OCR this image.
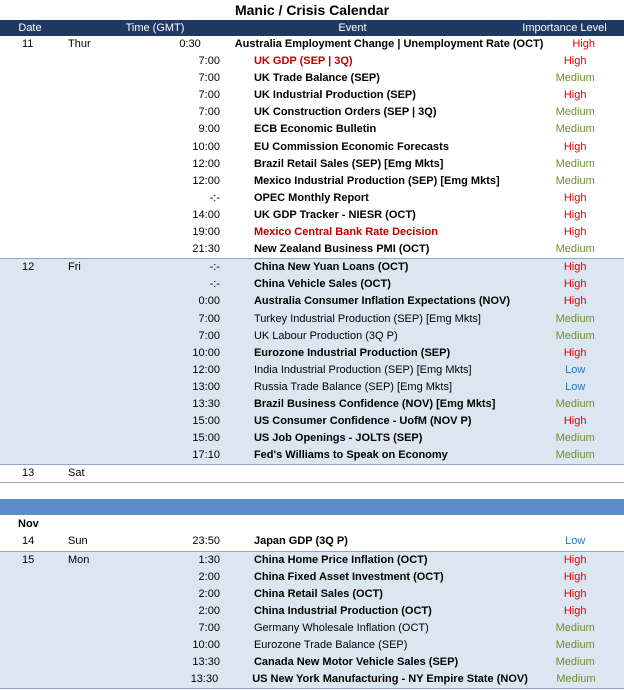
Manic / Crisis Calendar
Date	Time (GMT)	Event	Importance Level
11	Thur	0:30	Australia Employment Change | Unemployment Rate (OCT)	High
7:00	UK GDP (SEP | 3Q)	High
7:00	UK Trade Balance (SEP)	Medium
7:00	UK Industrial Production (SEP)	High
7:00	UK Construction Orders (SEP | 3Q)	Medium
9:00	ECB Economic Bulletin	Medium
10:00	EU Commission Economic Forecasts	High
12:00	Brazil Retail Sales (SEP) [Emg Mkts]	Medium
12:00	Mexico Industrial Production (SEP) [Emg Mkts]	Medium
-:-	OPEC Monthly Report	High
14:00	UK GDP Tracker - NIESR (OCT)	High
19:00	Mexico Central Bank Rate Decision	High
21:30	New Zealand Business PMI (OCT)	Medium
12	Fri	-:-	China New Yuan Loans (OCT)	High
-:-	China Vehicle Sales (OCT)	High
0:00	Australia Consumer Inflation Expectations (NOV)	High
7:00	Turkey Industrial Production (SEP) [Emg Mkts]	Medium
7:00	UK Labour Production (3Q P)	Medium
10:00	Eurozone Industrial Production (SEP)	High
12:00	India Industrial Production (SEP) [Emg Mkts]	Low
13:00	Russia Trade Balance (SEP) [Emg Mkts]	Low
13:30	Brazil Business Confidence (NOV) [Emg Mkts]	Medium
15:00	US Consumer Confidence - UofM (NOV P)	High
15:00	US Job Openings - JOLTS (SEP)	Medium
17:10	Fed's Williams to Speak on Economy	Medium
13	Sat
Nov
14	Sun	23:50	Japan GDP (3Q P)	Low
15	Mon	1:30	China Home Price Inflation (OCT)	High
2:00	China Fixed Asset Investment (OCT)	High
2:00	China Retail Sales (OCT)	High
2:00	China Industrial Production (OCT)	High
7:00	Germany Wholesale Inflation (OCT)	Medium
10:00	Eurozone Trade Balance (SEP)	Medium
13:30	Canada New Motor Vehicle Sales (SEP)	Medium
13:30	US New York Manufacturing - NY Empire State (NOV)	Medium
